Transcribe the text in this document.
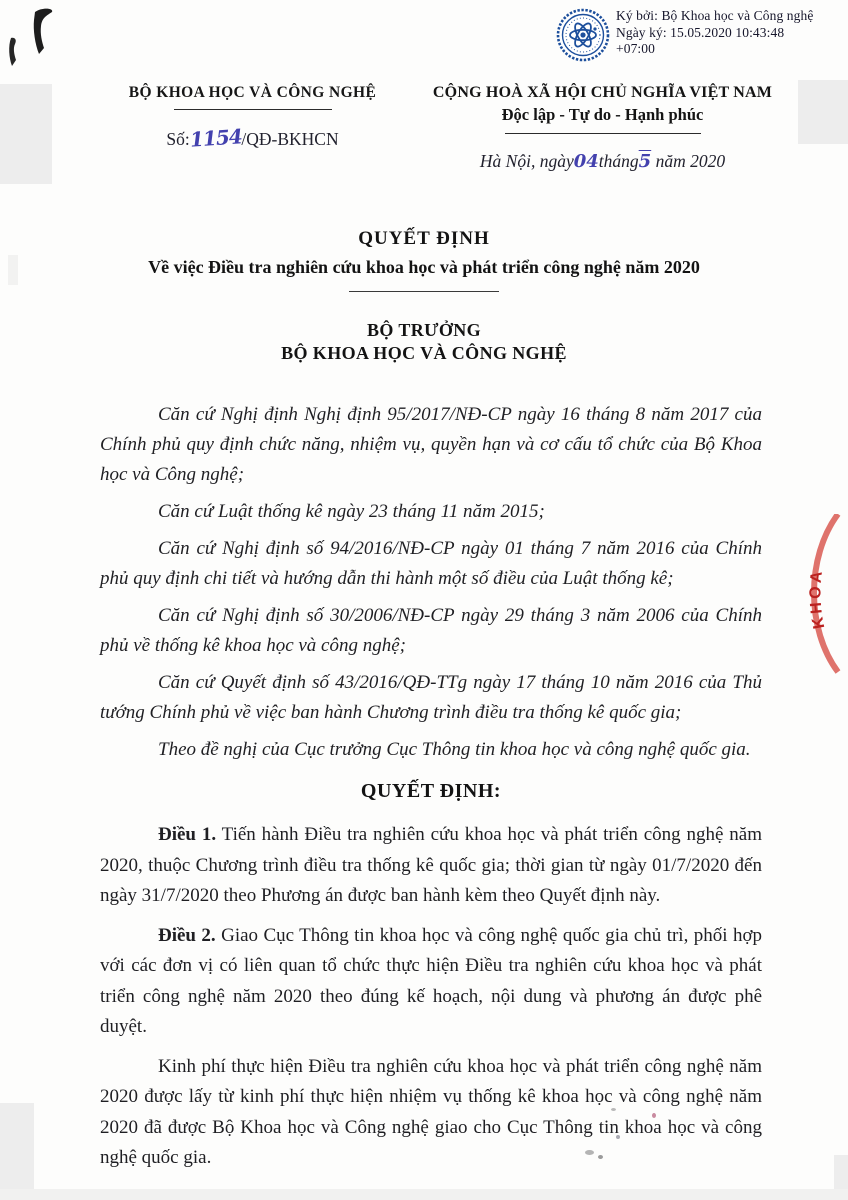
Ký bởi: Bộ Khoa học và Công nghệ
Ngày ký: 15.05.2020 10:43:48
+07:00
BỘ KHOA HỌC VÀ CÔNG NGHỆ
Số:1154/QĐ-BKHCN
CỘNG HOÀ XÃ HỘI CHỦ NGHĨA VIỆT NAM
Độc lập - Tự do - Hạnh phúc
Hà Nội, ngày04tháng5 năm 2020
QUYẾT ĐỊNH
Về việc Điều tra nghiên cứu khoa học và phát triển công nghệ năm 2020
BỘ TRƯỞNG
BỘ KHOA HỌC VÀ CÔNG NGHỆ

Căn cứ Nghị định Nghị định 95/2017/NĐ-CP ngày 16 tháng 8 năm 2017 của Chính phủ quy định chức năng, nhiệm vụ, quyền hạn và cơ cấu tổ chức của Bộ Khoa học và Công nghệ;

Căn cứ Luật thống kê ngày 23 tháng 11 năm 2015;

Căn cứ Nghị định số 94/2016/NĐ-CP ngày 01 tháng 7 năm 2016 của Chính phủ quy định chi tiết và hướng dẫn thi hành một số điều của Luật thống kê;

Căn cứ Nghị định số 30/2006/NĐ-CP ngày 29 tháng 3 năm 2006 của Chính phủ về thống kê khoa học và công nghệ;

Căn cứ Quyết định số 43/2016/QĐ-TTg ngày 17 tháng 10 năm 2016 của Thủ tướng Chính phủ về việc ban hành Chương trình điều tra thống kê quốc gia;

Theo đề nghị của Cục trưởng Cục Thông tin khoa học và công nghệ quốc gia.

QUYẾT ĐỊNH:

Điều 1. Tiến hành Điều tra nghiên cứu khoa học và phát triển công nghệ năm 2020, thuộc Chương trình điều tra thống kê quốc gia; thời gian từ ngày 01/7/2020 đến ngày 31/7/2020 theo Phương án được ban hành kèm theo Quyết định này.

Điều 2. Giao Cục Thông tin khoa học và công nghệ quốc gia chủ trì, phối hợp với các đơn vị có liên quan tổ chức thực hiện Điều tra nghiên cứu khoa học và phát triển công nghệ năm 2020 theo đúng kế hoạch, nội dung và phương án được phê duyệt.

Kinh phí thực hiện Điều tra nghiên cứu khoa học và phát triển công nghệ năm 2020 được lấy từ kinh phí thực hiện nhiệm vụ thống kê khoa học và công nghệ năm 2020 đã được Bộ Khoa học và Công nghệ giao cho Cục Thông tin khoa học và công nghệ quốc gia.

KHOA
